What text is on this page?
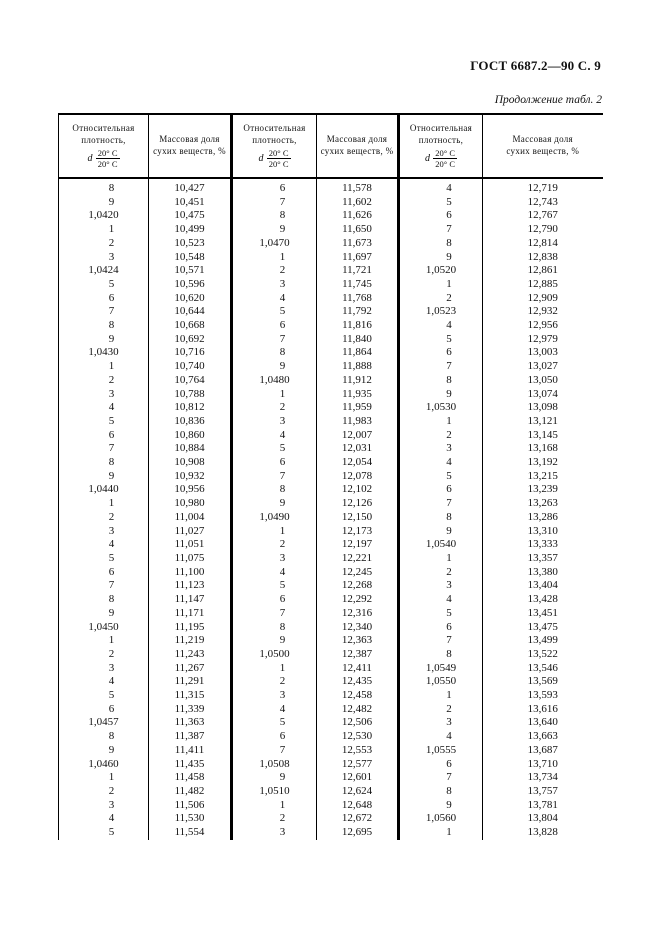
ГОСТ 6687.2—90 С. 9
Продолжение табл. 2
Относительная
плотность,
d $\frac{20^\circ С}{20^\circ С}$

Массовая доля
сухих веществ, %

Относительная
плотность,
d $\frac{20^\circ С}{20^\circ С}$

Массовая доля
сухих веществ, %

Относительная
плотность,
d $\frac{20^\circ С}{20^\circ С}$

Массовая доля
сухих веществ, %

8	10,427	6	11,578	4	12,719
9	10,451	7	11,602	5	12,743
1,0420	10,475	8	11,626	6	12,767
1	10,499	9	11,650	7	12,790
2	10,523	1,0470	11,673	8	12,814
3	10,548	1	11,697	9	12,838
1,0424	10,571	2	11,721	1,0520	12,861
5	10,596	3	11,745	1	12,885
6	10,620	4	11,768	2	12,909
7	10,644	5	11,792	1,0523	12,932
8	10,668	6	11,816	4	12,956
9	10,692	7	11,840	5	12,979
1,0430	10,716	8	11,864	6	13,003
1	10,740	9	11,888	7	13,027
2	10,764	1,0480	11,912	8	13,050
3	10,788	1	11,935	9	13,074
4	10,812	2	11,959	1,0530	13,098
5	10,836	3	11,983	1	13,121
6	10,860	4	12,007	2	13,145
7	10,884	5	12,031	3	13,168
8	10,908	6	12,054	4	13,192
9	10,932	7	12,078	5	13,215
1,0440	10,956	8	12,102	6	13,239
1	10,980	9	12,126	7	13,263
2	11,004	1,0490	12,150	8	13,286
3	11,027	1	12,173	9	13,310
4	11,051	2	12,197	1,0540	13,333
5	11,075	3	12,221	1	13,357
6	11,100	4	12,245	2	13,380
7	11,123	5	12,268	3	13,404
8	11,147	6	12,292	4	13,428
9	11,171	7	12,316	5	13,451
1,0450	11,195	8	12,340	6	13,475
1	11,219	9	12,363	7	13,499
2	11,243	1,0500	12,387	8	13,522
3	11,267	1	12,411	1,0549	13,546
4	11,291	2	12,435	1,0550	13,569
5	11,315	3	12,458	1	13,593
6	11,339	4	12,482	2	13,616
1,0457	11,363	5	12,506	3	13,640
8	11,387	6	12,530	4	13,663
9	11,411	7	12,553	1,0555	13,687
1,0460	11,435	1,0508	12,577	6	13,710
1	11,458	9	12,601	7	13,734
2	11,482	1,0510	12,624	8	13,757
3	11,506	1	12,648	9	13,781
4	11,530	2	12,672	1,0560	13,804
5	11,554	3	12,695	1	13,828
